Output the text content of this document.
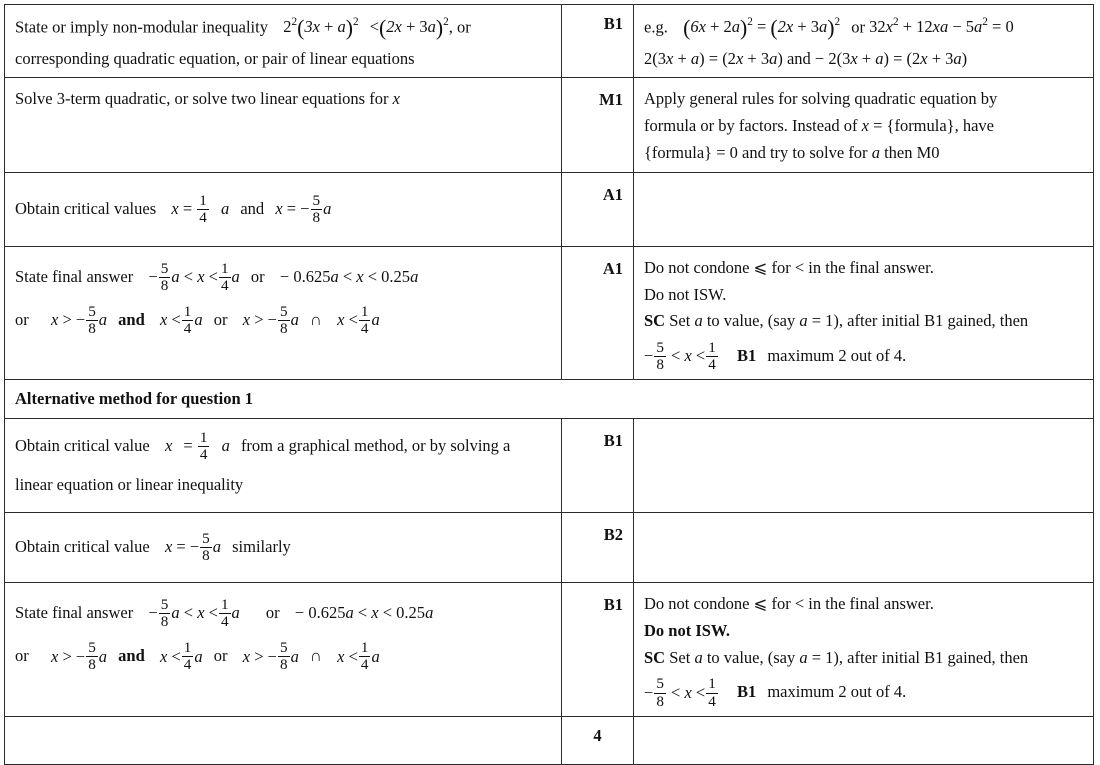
State or imply non-modular inequality $2^2(3x + a)^2 <(2x + 3a)^2$, or
corresponding quadratic equation, or pair of linear equations	B1	e.g. $(6x + 2a)^2 = (2x + 3a)^2$ or $32x^2 + 12xa - 5a^2 = 0$
2(3x + a) = (2x + 3a) and − 2(3x + a) = (2x + 3a)

Solve 3-term quadratic, or solve two linear equations for x	M1	Apply general rules for solving quadratic equation by
formula or by factors. Instead of x = {formula}, have
{formula} = 0 and try to solve for a then M0

Obtain critical values $x = \frac{1}{4}$ a and x = − $\frac{5}{8}$ a
	A1	

State final answer − $\frac{5}{8}$ $a < x < \frac{1}{4}$ a or − 0.625a < x < 0.25a
or x > − $\frac{5}{8}$ a and $x < \frac{1}{4}$ a or x > − $\frac{5}{8}$ a ∩ $x < \frac{1}{4}$ a
	A1	Do not condone ⩽ for < in the final answer.
Do not ISW.
SC Set a to value, (say a = 1), after initial B1 gained, then
− $\frac{5}{8} < x < \frac{1}{4} B1$ maximum 2 out of 4.

Alternative method for question 1		

Obtain critical value $x = \frac{1}{4}$ a from a graphical method, or by solving a
linear equation or linear inequality	B1	

Obtain critical value x = − $\frac{5}{8}$ a similarly	B2	

State final answer − $\frac{5}{8}$ $a < x < \frac{1}{4}$ a or − 0.625a < x < 0.25a
or x > − $\frac{5}{8}$ a and $x < \frac{1}{4}$ a or x > − $\frac{5}{8}$ a ∩ $x < \frac{1}{4}$ a
	B1	Do not condone ⩽ for < in the final answer.
Do not ISW.
SC Set a to value, (say a = 1), after initial B1 gained, then
− $\frac{5}{8} < x < \frac{1}{4} B1$ maximum 2 out of 4.

	4	
